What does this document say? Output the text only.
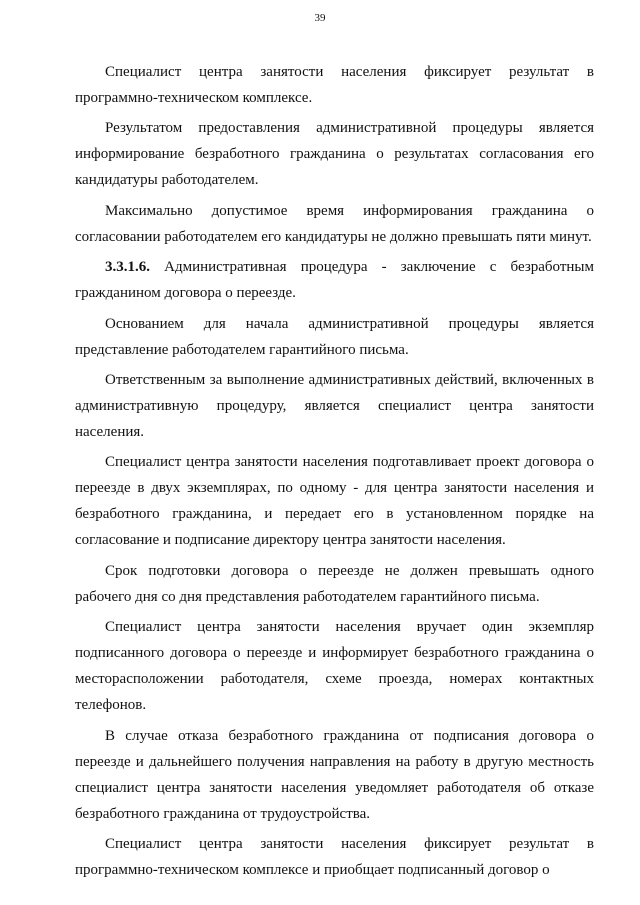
39

Специалист центра занятости населения фиксирует результат в программно-техническом комплексе.

Результатом предоставления административной процедуры является информирование безработного гражданина о результатах согласования его кандидатуры работодателем.

Максимально допустимое время информирования гражданина о согласовании работодателем его кандидатуры не должно превышать пяти минут.

3.3.1.6. Административная процедура - заключение с безработным гражданином договора о переезде.

Основанием для начала административной процедуры является представление работодателем гарантийного письма.

Ответственным за выполнение административных действий, включенных в административную процедуру, является специалист центра занятости населения.

Специалист центра занятости населения подготавливает проект договора о переезде в двух экземплярах, по одному - для центра занятости населения и безработного гражданина, и передает его в установленном порядке на согласование и подписание директору центра занятости населения.

Срок подготовки договора о переезде не должен превышать одного рабочего дня со дня представления работодателем гарантийного письма.

Специалист центра занятости населения вручает один экземпляр подписанного договора о переезде и информирует безработного гражданина о месторасположении работодателя, схеме проезда, номерах контактных телефонов.

В случае отказа безработного гражданина от подписания договора о переезде и дальнейшего получения направления на работу в другую местность специалист центра занятости населения уведомляет работодателя об отказе безработного гражданина от трудоустройства.

Специалист центра занятости населения фиксирует результат в программно-техническом комплексе и приобщает подписанный договор о
